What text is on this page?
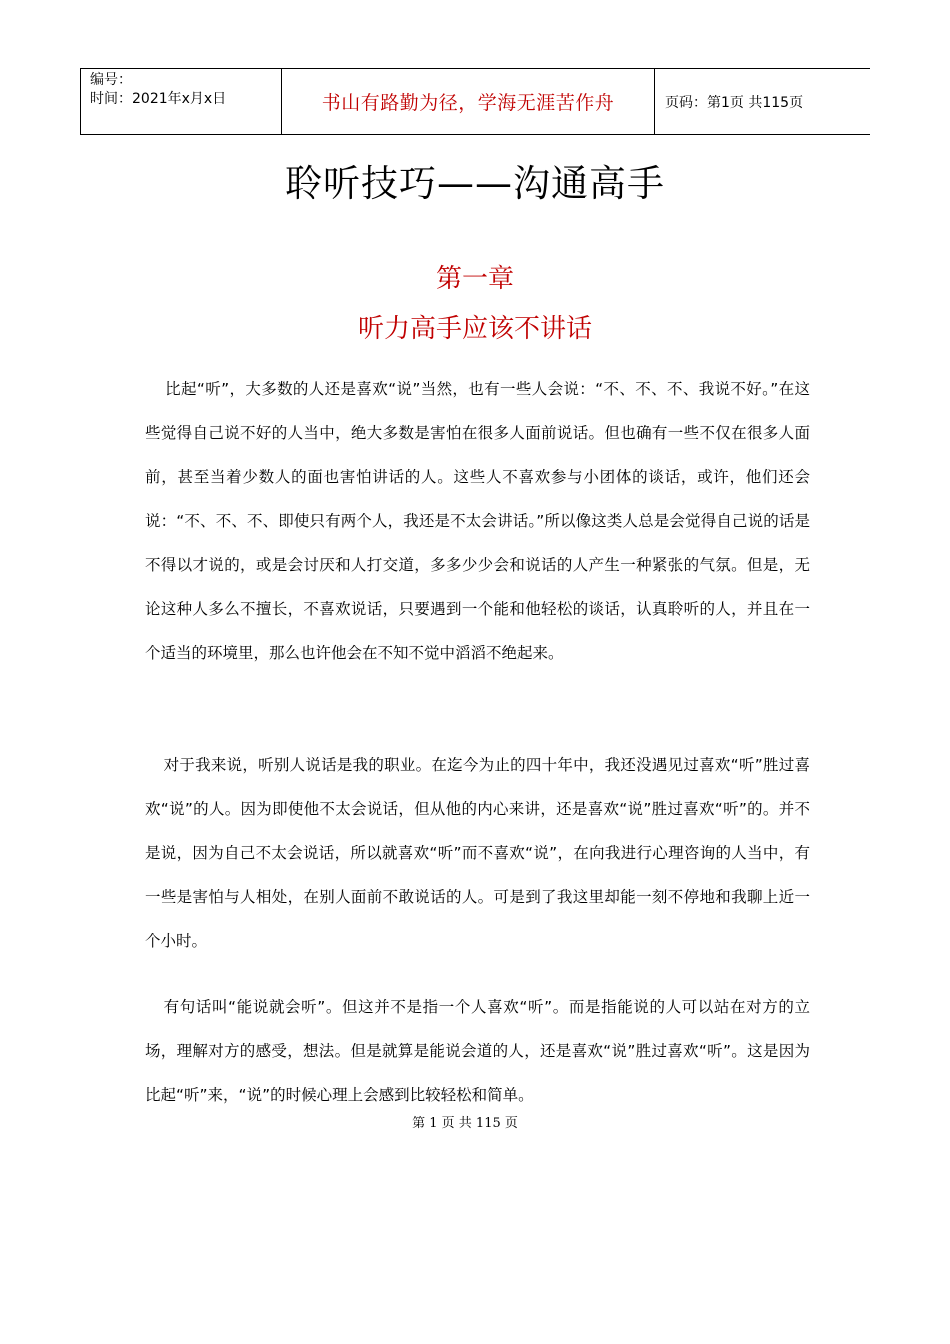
编号：
时间：2021年x月x日	书山有路勤为径，学海无涯苦作舟	页码：第1页 共115页
聆听技巧——沟通高手
第一章
听力高手应该不讲话

比起“听”，大多数的人还是喜欢“说”当然，也有一些人会说：“不、不、不、我说不好。”在这些觉得自己说不好的人当中，绝大多数是害怕在很多人面前说话。但也确有一些不仅在很多人面前，甚至当着少数人的面也害怕讲话的人。这些人不喜欢参与小团体的谈话，或许，他们还会说：“不、不、不、即使只有两个人，我还是不太会讲话。”所以像这类人总是会觉得自己说的话是不得以才说的，或是会讨厌和人打交道，多多少少会和说话的人产生一种紧张的气氛。但是，无论这种人多么不擅长，不喜欢说话，只要遇到一个能和他轻松的谈话，认真聆听的人，并且在一个适当的环境里，那么也许他会在不知不觉中滔滔不绝起来。

对于我来说，听别人说话是我的职业。在迄今为止的四十年中，我还没遇见过喜欢“听”胜过喜欢“说”的人。因为即使他不太会说话，但从他的内心来讲，还是喜欢“说”胜过喜欢“听”的。并不是说，因为自己不太会说话，所以就喜欢“听”而不喜欢“说”，在向我进行心理咨询的人当中，有一些是害怕与人相处，在别人面前不敢说话的人。可是到了我这里却能一刻不停地和我聊上近一个小时。

有句话叫“能说就会听”。但这并不是指一个人喜欢“听”。而是指能说的人可以站在对方的立场，理解对方的感受，想法。但是就算是能说会道的人，还是喜欢“说”胜过喜欢“听”。这是因为比起“听”来，“说”的时候心理上会感到比较轻松和简单。

第 1 页 共 115 页
